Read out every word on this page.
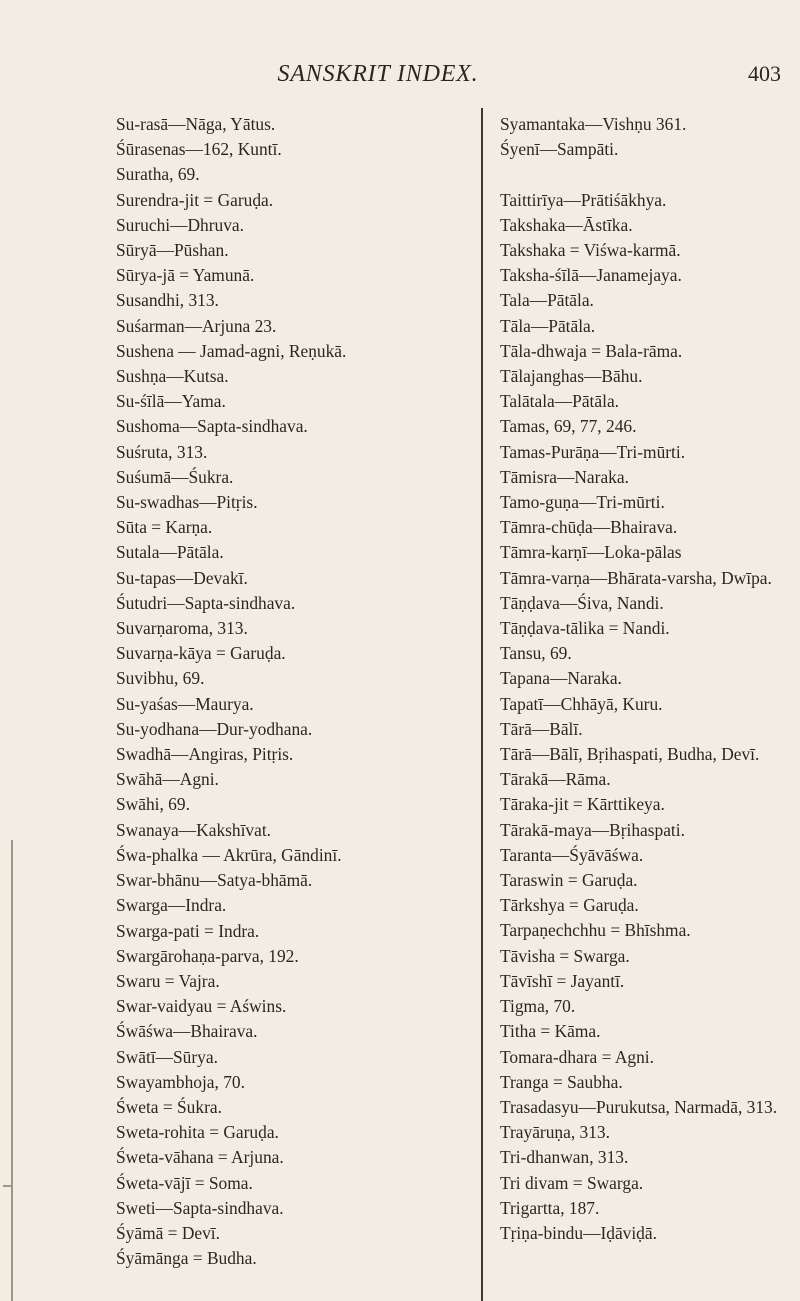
SANSKRIT INDEX.	403

Su-rasā—Nāga, Yātus.

Śūrasenas—162, Kuntī.

Suratha, 69.

Surendra-jit = Garuḍa.

Suruchi—Dhruva.

Sūryā—Pūshan.

Sūrya-jā = Yamunā.

Susandhi, 313.

Suśarman—Arjuna 23.

Sushena — Jamad-agni, Reṇukā.

Sushṇa—Kutsa.

Su-śīlā—Yama.

Sushoma—Sapta-sindhava.

Suśruta, 313.

Suśumā—Śukra.

Su-swadhas—Pitṛis.

Sūta = Karṇa.

Sutala—Pātāla.

Su-tapas—Devakī.

Śutudri—Sapta-sindhava.

Suvarṇaroma, 313.

Suvarṇa-kāya = Garuḍa.

Suvibhu, 69.

Su-yaśas—Maurya.

Su-yodhana—Dur-yodhana.

Swadhā—Angiras, Pitṛis.

Swāhā—Agni.

Swāhi, 69.

Swanaya—Kakshīvat.

Śwa-phalka — Akrūra, Gāndinī.

Swar-bhānu—Satya-bhāmā.

Swarga—Indra.

Swarga-pati = Indra.

Swargārohaṇa-parva, 192.

Swaru = Vajra.

Swar-vaidyau = Aświns.

Śwāśwa—Bhairava.

Swātī—Sūrya.

Swayambhoja, 70.

Śweta = Śukra.

Sweta-rohita = Garuḍa.

Śweta-vāhana = Arjuna.

Śweta-vājī = Soma.

Sweti—Sapta-sindhava.

Śyāmā = Devī.

Śyāmānga = Budha.

Syamantaka—Vishṇu 361.

Śyenī—Sampāti.

Taittirīya—Prātiśākhya.

Takshaka—Āstīka.

Takshaka = Viśwa-karmā.

Taksha-śīlā—Janamejaya.

Tala—Pātāla.

Tāla—Pātāla.

Tāla-dhwaja = Bala-rāma.

Tālajanghas—Bāhu.

Talātala—Pātāla.

Tamas, 69, 77, 246.

Tamas-Purāṇa—Tri-mūrti.

Tāmisra—Naraka.

Tamo-guṇa—Tri-mūrti.

Tāmra-chūḍa—Bhairava.

Tāmra-karṇī—Loka-pālas

Tāmra-varṇa—Bhārata-varsha, Dwīpa.

Tāṇḍava—Śiva, Nandi.

Tāṇḍava-tālika = Nandi.

Tansu, 69.

Tapana—Naraka.

Tapatī—Chhāyā, Kuru.

Tārā—Bālī.

Tārā—Bālī, Bṛihaspati, Budha, Devī.

Tārakā—Rāma.

Tāraka-jit = Kārttikeya.

Tārakā-maya—Bṛihaspati.

Taranta—Śyāvāśwa.

Taraswin = Garuḍa.

Tārkshya = Garuḍa.

Tarpaṇechchhu = Bhīshma.

Tāvisha = Swarga.

Tāvīshī = Jayantī.

Tigma, 70.

Titha = Kāma.

Tomara-dhara = Agni.

Tranga = Saubha.

Trasadasyu—Purukutsa, Narmadā, 313.

Trayāruṇa, 313.

Tri-dhanwan, 313.

Tri divam = Swarga.

Trigartta, 187.

Tṛiṇa-bindu—Iḍāviḍā.
